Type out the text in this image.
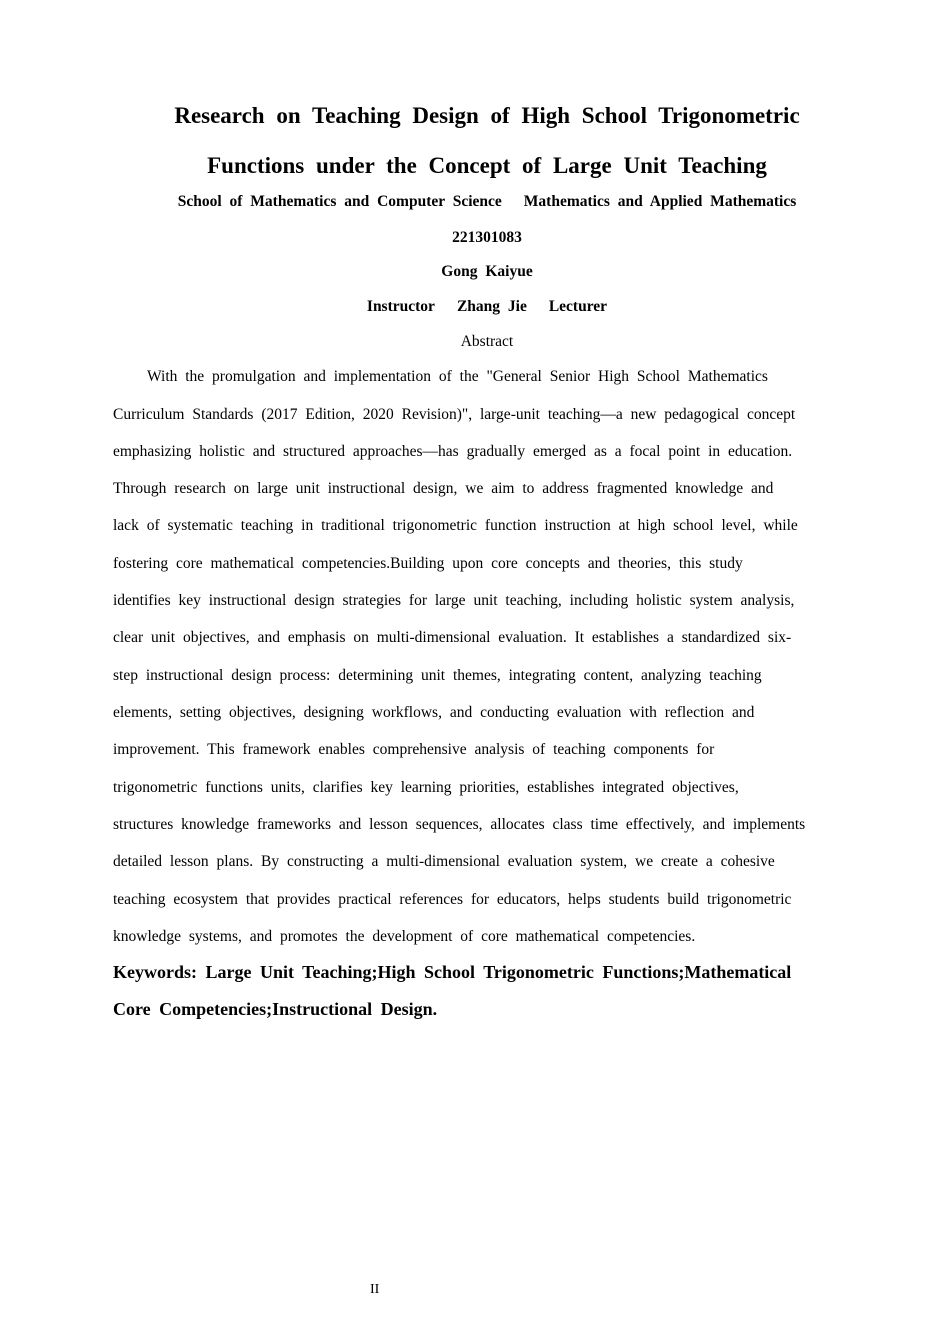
Research on Teaching Design of High School Trigonometric
Functions under the Concept of Large Unit Teaching
School of Mathematics and Computer Science Mathematics and Applied Mathematics
221301083
Gong Kaiyue
Instructor Zhang Jie Lecturer
Abstract
With the promulgation and implementation of the "General Senior High School Mathematics
Curriculum Standards (2017 Edition, 2020 Revision)", large-unit teaching—a new pedagogical concept
emphasizing holistic and structured approaches—has gradually emerged as a focal point in education.
Through research on large unit instructional design, we aim to address fragmented knowledge and
lack of systematic teaching in traditional trigonometric function instruction at high school level, while
fostering core mathematical competencies.Building upon core concepts and theories, this study
identifies key instructional design strategies for large unit teaching, including holistic system analysis,
clear unit objectives, and emphasis on multi-dimensional evaluation. It establishes a standardized six-
step instructional design process: determining unit themes, integrating content, analyzing teaching
elements, setting objectives, designing workflows, and conducting evaluation with reflection and
improvement. This framework enables comprehensive analysis of teaching components for
trigonometric functions units, clarifies key learning priorities, establishes integrated objectives,
structures knowledge frameworks and lesson sequences, allocates class time effectively, and implements
detailed lesson plans. By constructing a multi-dimensional evaluation system, we create a cohesive
teaching ecosystem that provides practical references for educators, helps students build trigonometric
knowledge systems, and promotes the development of core mathematical competencies.
Keywords: Large Unit Teaching;High School Trigonometric Functions;Mathematical
Core Competencies;Instructional Design.
II
